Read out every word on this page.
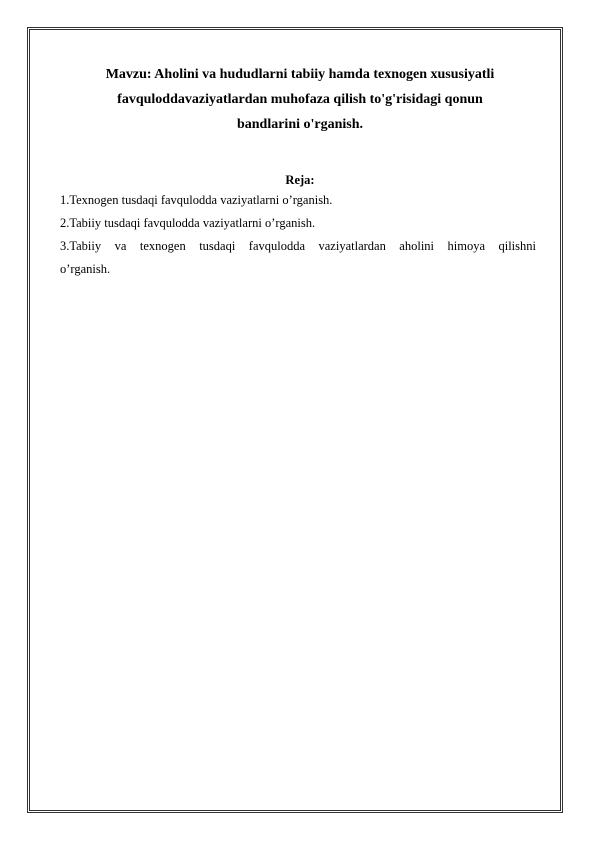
Mavzu: Aholini va hududlarni tabiiy hamda texnogen xususiyatli
favquloddavaziyatlardan muhofaza qilish to'g'risidagi qonun
bandlarini o'rganish.
Reja:
1.Texnogen tusdaqi favqulodda vaziyatlarni o’rganish.
2.Tabiiy tusdaqi favqulodda vaziyatlarni o’rganish.
3.Tabiiy va texnogen tusdaqi favqulodda vaziyatlardan aholini himoya qilishni
o’rganish.
